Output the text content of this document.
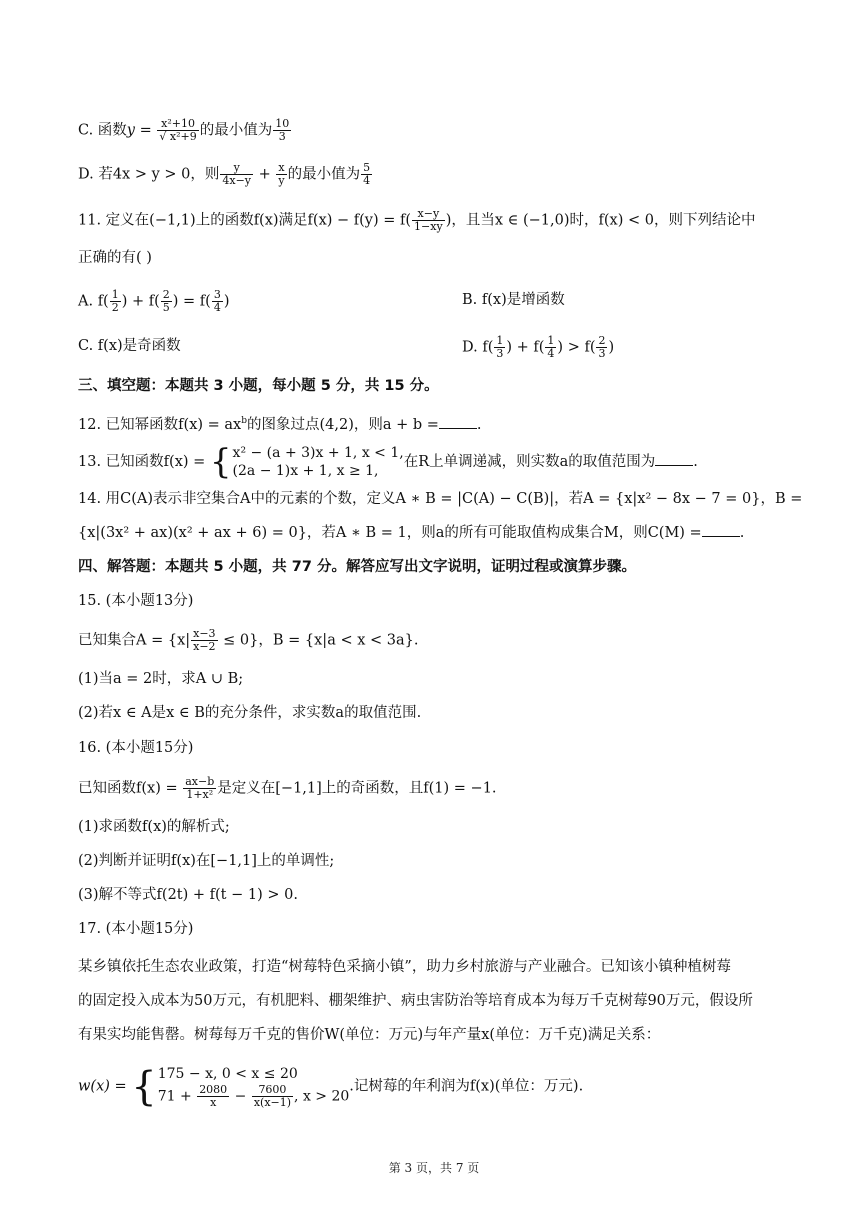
C. 函数$y = \frac{\text{x²+10}}{\text{√ x²+9}}$ 的最小值为 $\frac{10}{3}$
D. 若4x > y > 0，则 $\frac{y}{4x-y} + \frac{x}{y}$ 的最小值为 $\frac{5}{4}$
11. 定义在(−1,1)上的函数f(x)满足$f(x) - f(y) = f( \frac{x-y}{1-xy}$ )，且当x ∈ (−1,0)时，f(x) < 0，则下列结论中
正确的有( )
A. $f( \frac{1}{2}$ ) + $f( \frac{2}{5}$ ) = $f( \frac{3}{4}$ )	B. f(x)是增函数
C. f(x)是奇函数	D. $f( \frac{1}{3}$ ) + $f( \frac{1}{4}$ ) > $f( \frac{2}{3}$ )
三、填空题：本题共 3 小题，每小题 5 分，共 15 分。
12. 已知幂函数$f(x) = ax^b$的图象过点(4,2)，则a + b =	.
13. 已知函数f(x) = { x² − (a + 3)x + 1, x < 1,
(2a − 1)x + 1, x ≥ 1,
在R上单调递减，则实数a的取值范围为	.
14. 用C(A)表示非空集合A中的元素的个数，定义A ∗ B = |C(A) − C(B)|，若A = {x|x² − 8x − 7 = 0}，B =
{x|(3x² + ax)(x² + ax + 6) = 0}，若A ∗ B = 1，则a的所有可能取值构成集合M，则C(M) =	.
四、解答题：本题共 5 小题，共 77 分。解答应写出文字说明，证明过程或演算步骤。
15. (本小题13分)
已知集合$A = \{x| \frac{x-3}{x-2} \le 0\}$，B = {x|a < x < 3a}.
(1)当a = 2时，求A ∪ B;
(2)若x ∈ A是x ∈ B的充分条件，求实数a的取值范围.
16. (本小题15分)
已知函数$f(x) = \frac{ax-b}{\text{1+x²}}$ 是定义在[−1,1]上的奇函数，且f(1) = −1.
(1)求函数f(x)的解析式;
(2)判断并证明f(x)在[−1,1]上的单调性;
(3)解不等式f(2t) + f(t − 1) > 0.
17. (本小题15分)
某乡镇依托生态农业政策，打造“树莓特色采摘小镇”，助力乡村旅游与产业融合。已知该小镇种植树莓
的固定投入成本为50万元，有机肥料、棚架维护、病虫害防治等培育成本为每万千克树莓90万元，假设所
有果实均能售罄。树莓每万千克的售价W(单位：万元)与年产量x(单位：万千克)满足关系：
w(x) = { 175 − x, 0 < x ≤ 20
$71 + \frac{2080}{x} - \frac{7600}{x(x-1)}$ , x > 20
.记树莓的年利润为f(x)(单位：万元).
第 3 页，共 7 页
